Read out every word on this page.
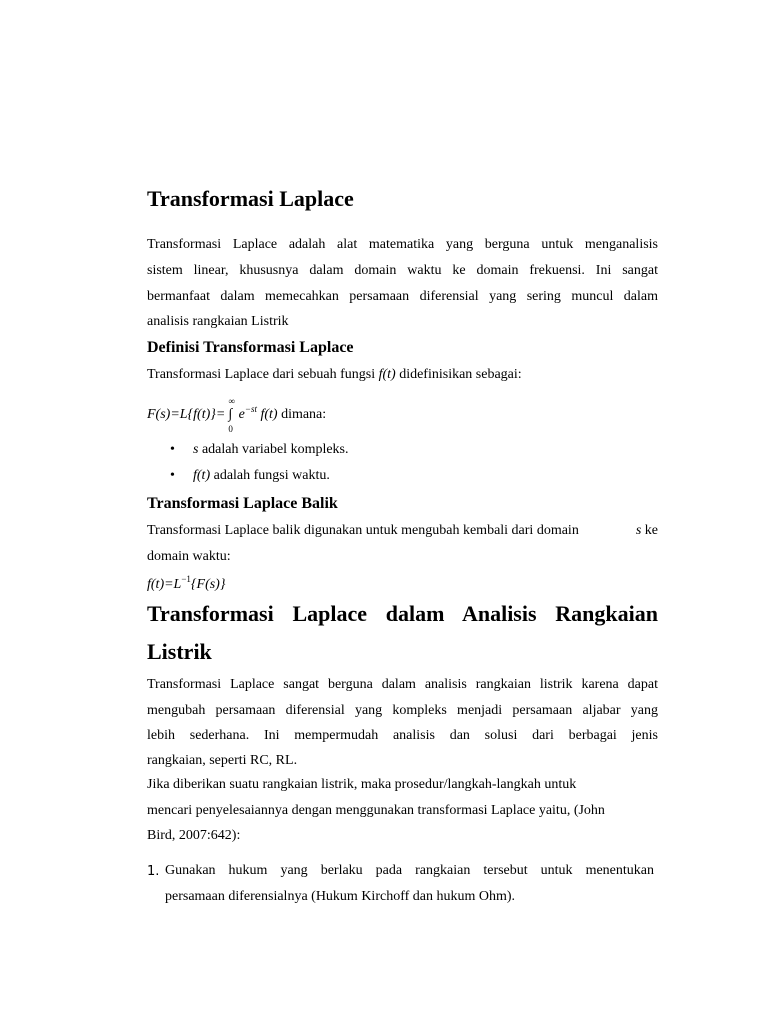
Transformasi Laplace
Transformasi Laplace adalah alat matematika yang berguna untuk menganalisis
sistem linear, khususnya dalam domain waktu ke domain frekuensi. Ini sangat
bermanfaat dalam memecahkan persamaan diferensial yang sering muncul dalam
analisis rangkaian Listrik
Definisi Transformasi Laplace
Transformasi Laplace dari sebuah fungsi f(t) didefinisikan sebagai:
F(s)=L{f(t)}=
∞
∫
0
$e^{-st}$ f(t) dimana:
• s adalah variabel kompleks.
• f(t) adalah fungsi waktu.
Transformasi Laplace Balik
Transformasi Laplace balik digunakan untuk mengubah kembali dari domain	s ke
domain waktu:
$f(t)=L^{-1}\{F(s)\}$
Transformasi Laplace dalam Analisis Rangkaian
Listrik
Transformasi Laplace sangat berguna dalam analisis rangkaian listrik karena dapat
mengubah persamaan diferensial yang kompleks menjadi persamaan aljabar yang
lebih sederhana. Ini mempermudah analisis dan solusi dari berbagai jenis
rangkaian, seperti RC, RL.
Jika diberikan suatu rangkaian listrik, maka prosedur/langkah-langkah untuk
mencari penyelesaiannya dengan menggunakan transformasi Laplace yaitu, (John
Bird, 2007:642):
1. Gunakan hukum yang berlaku pada rangkaian tersebut untuk menentukan
persamaan diferensialnya (Hukum Kirchoff dan hukum Ohm).
